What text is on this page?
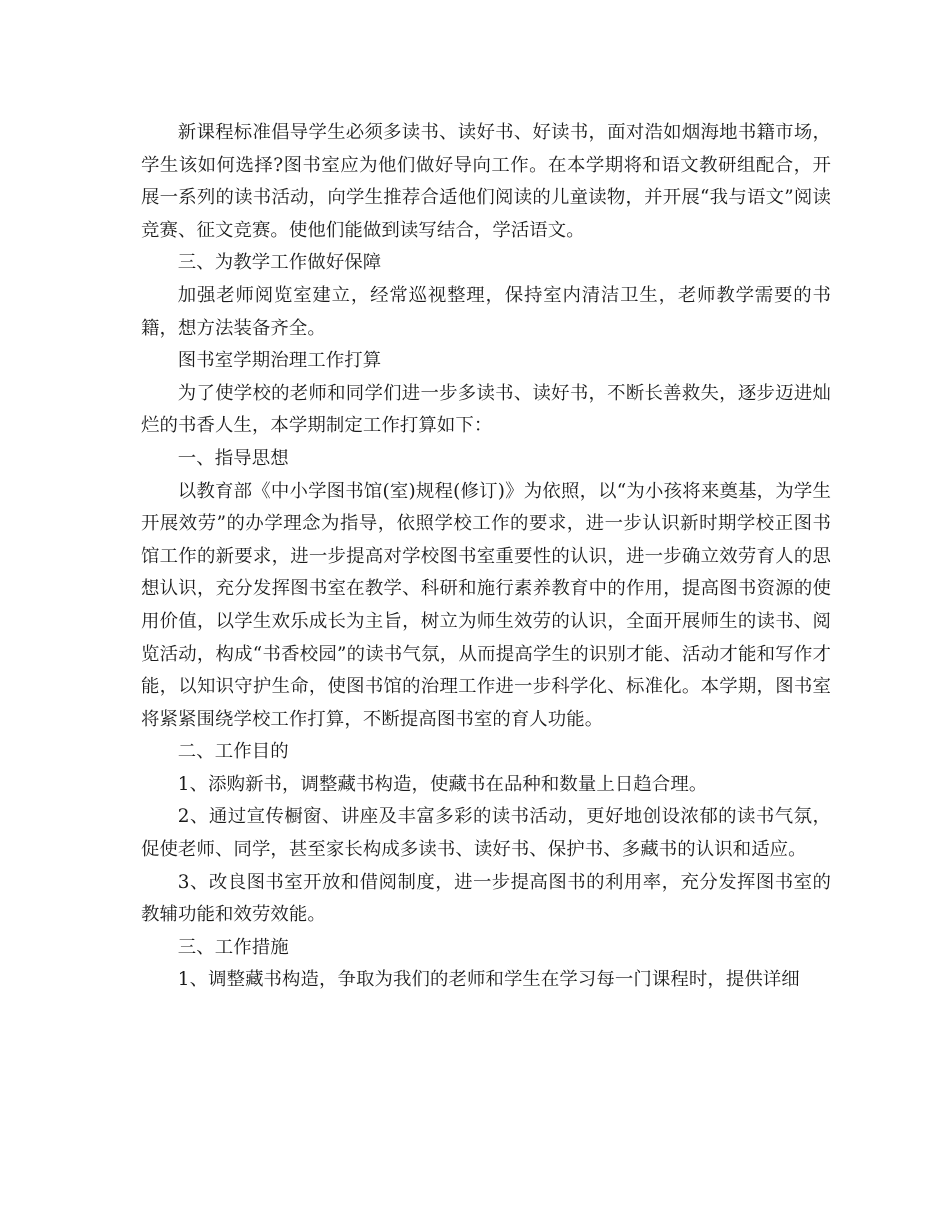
新课程标准倡导学生必须多读书、读好书、好读书，面对浩如烟海地书籍市场，学生该如何选择?图书室应为他们做好导向工作。在本学期将和语文教研组配合，开展一系列的读书活动，向学生推荐合适他们阅读的儿童读物，并开展“我与语文”阅读竞赛、征文竞赛。使他们能做到读写结合，学活语文。

三、为教学工作做好保障

加强老师阅览室建立，经常巡视整理，保持室内清洁卫生，老师教学需要的书籍，想方法装备齐全。

图书室学期治理工作打算

为了使学校的老师和同学们进一步多读书、读好书，不断长善救失，逐步迈进灿烂的书香人生，本学期制定工作打算如下：

一、指导思想

以教育部《中小学图书馆(室)规程(修订)》为依照，以“为小孩将来奠基，为学生开展效劳”的办学理念为指导，依照学校工作的要求，进一步认识新时期学校正图书馆工作的新要求，进一步提高对学校图书室重要性的认识，进一步确立效劳育人的思想认识，充分发挥图书室在教学、科研和施行素养教育中的作用，提高图书资源的使用价值，以学生欢乐成长为主旨，树立为师生效劳的认识，全面开展师生的读书、阅览活动，构成“书香校园”的读书气氛，从而提高学生的识别才能、活动才能和写作才能，以知识守护生命，使图书馆的治理工作进一步科学化、标准化。本学期，图书室将紧紧围绕学校工作打算，不断提高图书室的育人功能。

二、工作目的

1、添购新书，调整藏书构造，使藏书在品种和数量上日趋合理。

2、通过宣传橱窗、讲座及丰富多彩的读书活动，更好地创设浓郁的读书气氛，促使老师、同学，甚至家长构成多读书、读好书、保护书、多藏书的认识和适应。

3、改良图书室开放和借阅制度，进一步提高图书的利用率，充分发挥图书室的教辅功能和效劳效能。

三、工作措施

1、调整藏书构造，争取为我们的老师和学生在学习每一门课程时，提供详细
